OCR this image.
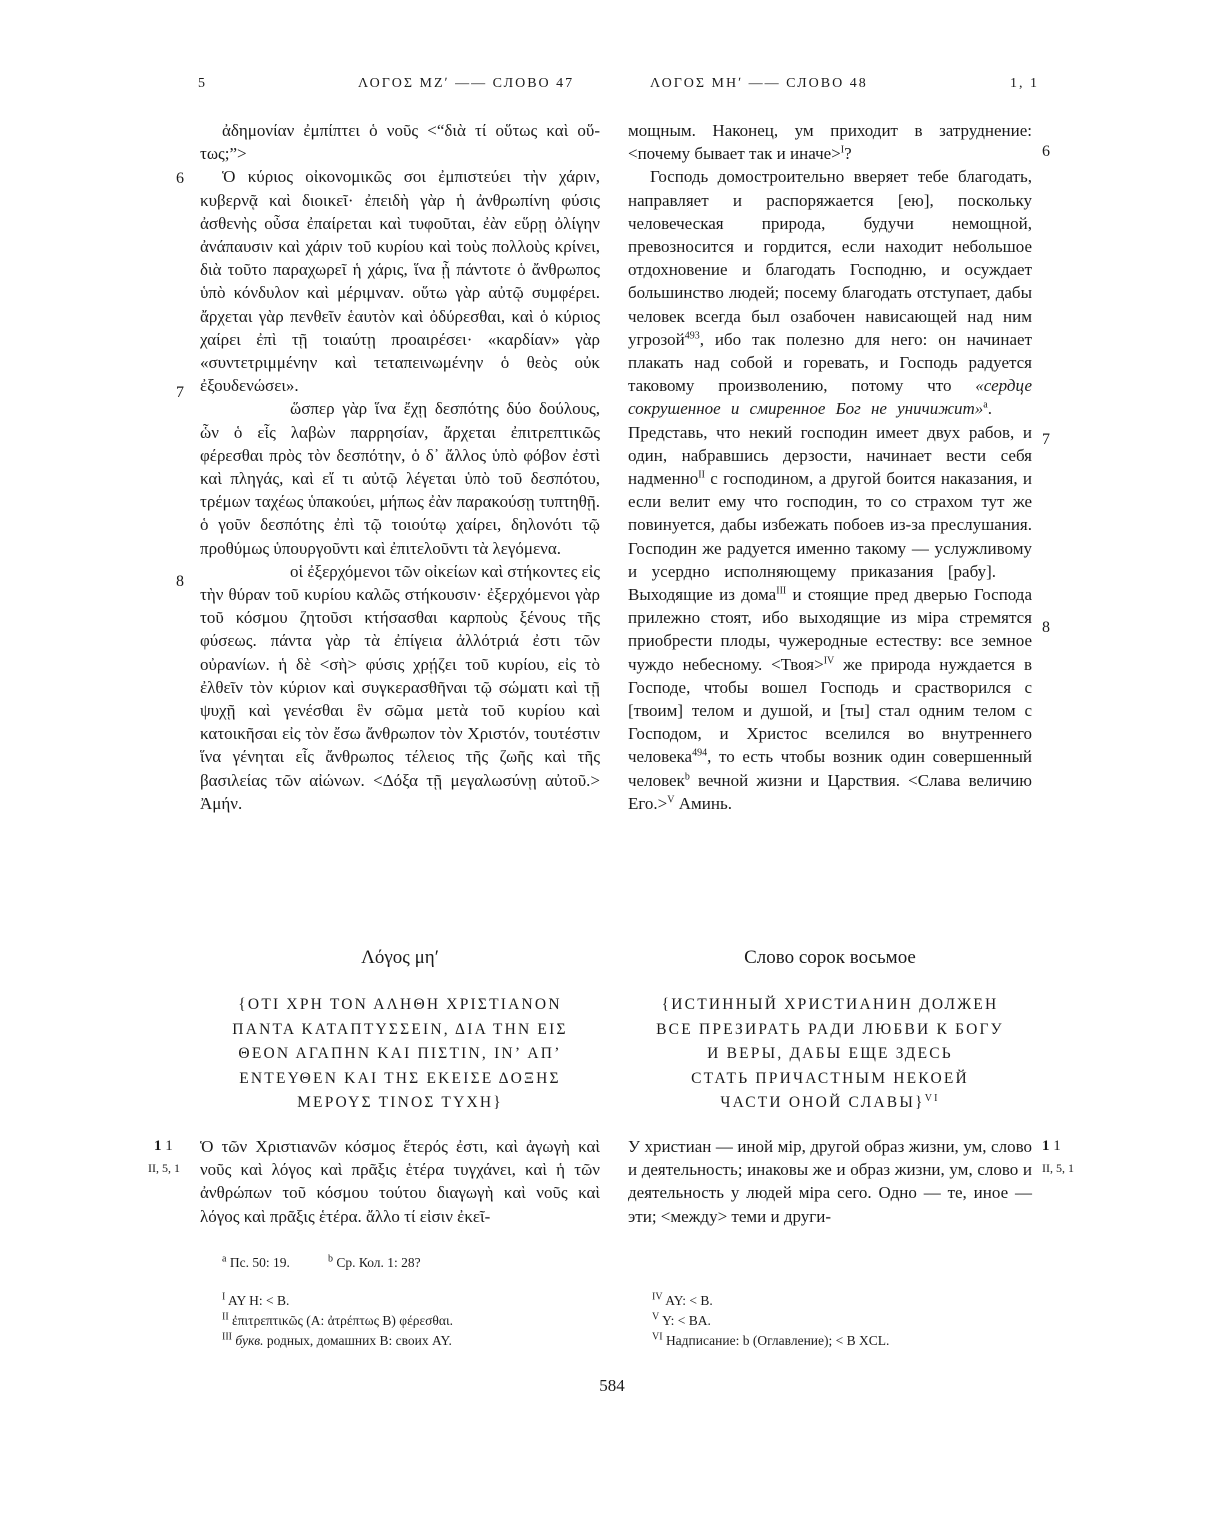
5	ΛΟΓΟΣ ΜΖʹ —— СЛОВО 47	ΛΟΓΟΣ ΜΗʹ —— СЛОВО 48	1, 1

ἀδημονίαν ἐμπίπτει ὁ νοῦς <“διὰ τί οὕτως καὶ οὕ-τως;”>

Ὁ κύριος οἰκονομικῶς σοι ἐμπιστεύει τὴν χάριν, κυβερνᾷ καὶ διοικεῖ· ἐπειδὴ γὰρ ἡ ἀνθρωπίνη φύσις ἀσθενὴς οὖσα ἐπαίρεται καὶ τυφοῦται, ἐὰν εὕρῃ ὀλίγην ἀνάπαυσιν καὶ χάριν τοῦ κυρίου καὶ τοὺς πολλοὺς κρίνει, διὰ τοῦτο παραχωρεῖ ἡ χάρις, ἵνα ᾖ πάντοτε ὁ ἄνθρωπος ὑπὸ κόνδυλον καὶ μέριμναν. οὕτω γὰρ αὐτῷ συμφέρει. ἄρχεται γὰρ πενθεῖν ἑαυτὸν καὶ ὀδύρεσθαι, καὶ ὁ κύριος χαίρει ἐπὶ τῇ τοιαύτῃ προαιρέσει· «καρδίαν» γὰρ «συντετριμμένην καὶ τεταπεινωμένην ὁ θεὸς οὐκ ἐξουδενώσει».

ὥσπερ γὰρ ἵνα ἔχῃ δεσπότης δύο δούλους, ὧν ὁ εἷς λαβὼν παρρησίαν, ἄρχεται ἐπιτρεπτικῶς φέρεσθαι πρὸς τὸν δεσπότην, ὁ δ᾽ ἄλλος ὑπὸ φόβον ἐστὶ καὶ πληγάς, καὶ εἴ τι αὐτῷ λέγεται ὑπὸ τοῦ δεσπότου, τρέμων ταχέως ὑπακούει, μήπως ἐὰν παρακούσῃ τυπτηθῇ. ὁ γοῦν δεσπότης ἐπὶ τῷ τοιούτῳ χαίρει, δηλονότι τῷ προθύμως ὑπουργοῦντι καὶ ἐπιτελοῦντι τὰ λεγόμενα.

οἱ ἐξερχόμενοι τῶν οἰκείων καὶ στήκοντες εἰς τὴν θύραν τοῦ κυρίου καλῶς στήκουσιν· ἐξερχόμενοι γὰρ τοῦ κόσμου ζητοῦσι κτήσασθαι καρποὺς ξένους τῆς φύσεως. πάντα γὰρ τὰ ἐπίγεια ἀλλότριά ἐστι τῶν οὐρανίων. ἡ δὲ <σὴ> φύσις χρῄζει τοῦ κυρίου, εἰς τὸ ἐλθεῖν τὸν κύριον καὶ συγκερασθῆναι τῷ σώματι καὶ τῇ ψυχῇ καὶ γενέσθαι ἓν σῶμα μετὰ τοῦ κυρίου καὶ κατοικῆσαι εἰς τὸν ἔσω ἄνθρωπον τὸν Χριστόν, τουτέστιν ἵνα γένηται εἷς ἄνθρωπος τέλειος τῆς ζωῆς καὶ τῆς βασιλείας τῶν αἰώνων. <Δόξα τῇ μεγαλωσύνῃ αὐτοῦ.> Ἀμήν.

мощным. Наконец, ум приходит в затруднение: <почему бывает так и иначе>$^I$?

Господь домостроительно вверяет тебе благодать, направляет и распоряжается [ею], поскольку человеческая природа, будучи немощной, превозносится и гордится, если находит небольшое отдохновение и благодать Господню, и осуждает большинство людей; посему благодать отступает, дабы человек всегда был озабочен нависающей над ним угрозой$^{493}$, ибо так полезно для него: он начинает плакать над собой и горевать, и Господь радуется таковому произволению, потому что «сердце сокрушенное и смиренное Бог не уничижит»$^a$.Представь, что некий господин имеет двух рабов, и один, набравшись дерзости, начинает вести себя надменно$^{II}$ с господином, а другой боится наказания, и если велит ему что господин, то со страхом тут же повинуется, дабы избежать побоев из-за преслушания. Господин же радуется именно такому — услужливому и усердно исполняющему приказания [рабу].Выходящие из дома$^{III}$ и стоящие пред дверью Господа прилежно стоят, ибо выходящие из міра стремятся приобрести плоды, чужеродные естеству: все земное чуждо небесному. <Твоя>$^{IV}$ же природа нуждается в Господе, чтобы вошел Господь и срастворился с [твоим] телом и душой, и [ты] стал одним телом с Господом, и Христос вселился во внутреннего человека$^{494}$, то есть чтобы возник один совершенный человек$^b$ вечной жизни и Царствия. <Слава величию Его.>$^V$ Аминь.

6
7
8
6
7
8
Λόγος μηʹ	Слово сорок восьмое
{ΟΤΙ ΧΡΗ ΤΟΝ ΑΛΗΘΗ ΧΡΙΣΤΙΑΝΟΝ
ΠΑΝΤΑ ΚΑΤΑΠΤΥΣΣΕΙΝ, ΔΙΑ ΤΗΝ ΕΙΣ
ΘΕΟΝ ΑΓΑΠΗΝ ΚΑΙ ΠΙΣΤΙΝ, ΙΝʼ ΑΠʼ
ΕΝΤΕΥΘΕΝ ΚΑΙ ΤΗΣ ΕΚΕΙΣΕ ΔΟΞΗΣ
ΜΕΡΟΥΣ ΤΙΝΟΣ ΤΥΧΗ}
{ИСТИННЫЙ ХРИСТИАНИН ДОЛЖЕН
ВСЕ ПРЕЗИРАТЬ РАДИ ЛЮБВИ К БОГУ
И ВЕРЫ, ДАБЫ ЕЩЕ ЗДЕСЬ
СТАТЬ ПРИЧАСТНЫМ НЕКОЕЙ
ЧАСТИ ОНОЙ СЛАВЫ}$^{VI}$

Ὁ τῶν Χριστιανῶν κόσμος ἕτερός ἐστι, καὶ ἀγωγὴ καὶ νοῦς καὶ λόγος καὶ πρᾶξις ἑτέρα τυγχάνει, καὶ ἡ τῶν ἀνθρώπων τοῦ κόσμου τούτου διαγωγὴ καὶ νοῦς καὶ λόγος καὶ πρᾶξις ἑτέρα. ἄλλο τί εἰσιν ἐκεῖ-

У христиан — иной мір, другой образ жизни, ум, слово и деятельность; инаковы же и образ жизни, ум, слово и деятельность у людей міра сего. Одно — те, иное — эти; <между> теми и други-

1 1
II, 5, 1
1 1
II, 5, 1
$^a$ Пс. 50: 19.	$^b$ Ср. Кол. 1: 28?

$^I$ AY H: < B.

$^{II}$ ἐπιτρεπτικῶς (A: ἀτρέπτως B) φέρεσθαι.

$^{III}$ букв. родных, домашних B: своих AY.

$^{IV}$ AY: < B.

$^V$ Y: < BA.

$^{VI}$ Надписание: b (Оглавление); < B XCL.

584
